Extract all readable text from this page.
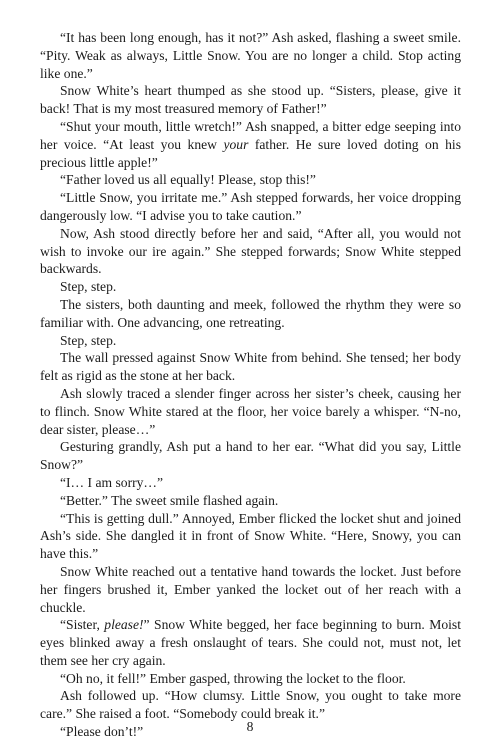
“It has been long enough, has it not?” Ash asked, flashing a sweet smile. “Pity. Weak as always, Little Snow. You are no longer a child. Stop acting like one.”

Snow White’s heart thumped as she stood up. “Sisters, please, give it back! That is my most treasured memory of Father!”

“Shut your mouth, little wretch!” Ash snapped, a bitter edge seeping into her voice. “At least you knew your father. He sure loved doting on his precious little apple!”

“Father loved us all equally! Please, stop this!”

“Little Snow, you irritate me.” Ash stepped forwards, her voice dropping dangerously low. “I advise you to take caution.”

Now, Ash stood directly before her and said, “After all, you would not wish to invoke our ire again.” She stepped forwards; Snow White stepped backwards.

Step, step.

The sisters, both daunting and meek, followed the rhythm they were so familiar with. One advancing, one retreating.

Step, step.

The wall pressed against Snow White from behind. She tensed; her body felt as rigid as the stone at her back.

Ash slowly traced a slender finger across her sister’s cheek, causing her to flinch. Snow White stared at the floor, her voice barely a whisper. “N-no, dear sister, please…”

Gesturing grandly, Ash put a hand to her ear. “What did you say, Little Snow?”

“I… I am sorry…”

“Better.” The sweet smile flashed again.

“This is getting dull.” Annoyed, Ember flicked the locket shut and joined Ash’s side. She dangled it in front of Snow White. “Here, Snowy, you can have this.”

Snow White reached out a tentative hand towards the locket. Just before her fingers brushed it, Ember yanked the locket out of her reach with a chuckle.

“Sister, please!” Snow White begged, her face beginning to burn. Moist eyes blinked away a fresh onslaught of tears. She could not, must not, let them see her cry again.

“Oh no, it fell!” Ember gasped, throwing the locket to the floor.

Ash followed up. “How clumsy. Little Snow, you ought to take more care.” She raised a foot. “Somebody could break it.”

“Please don’t!”	8
